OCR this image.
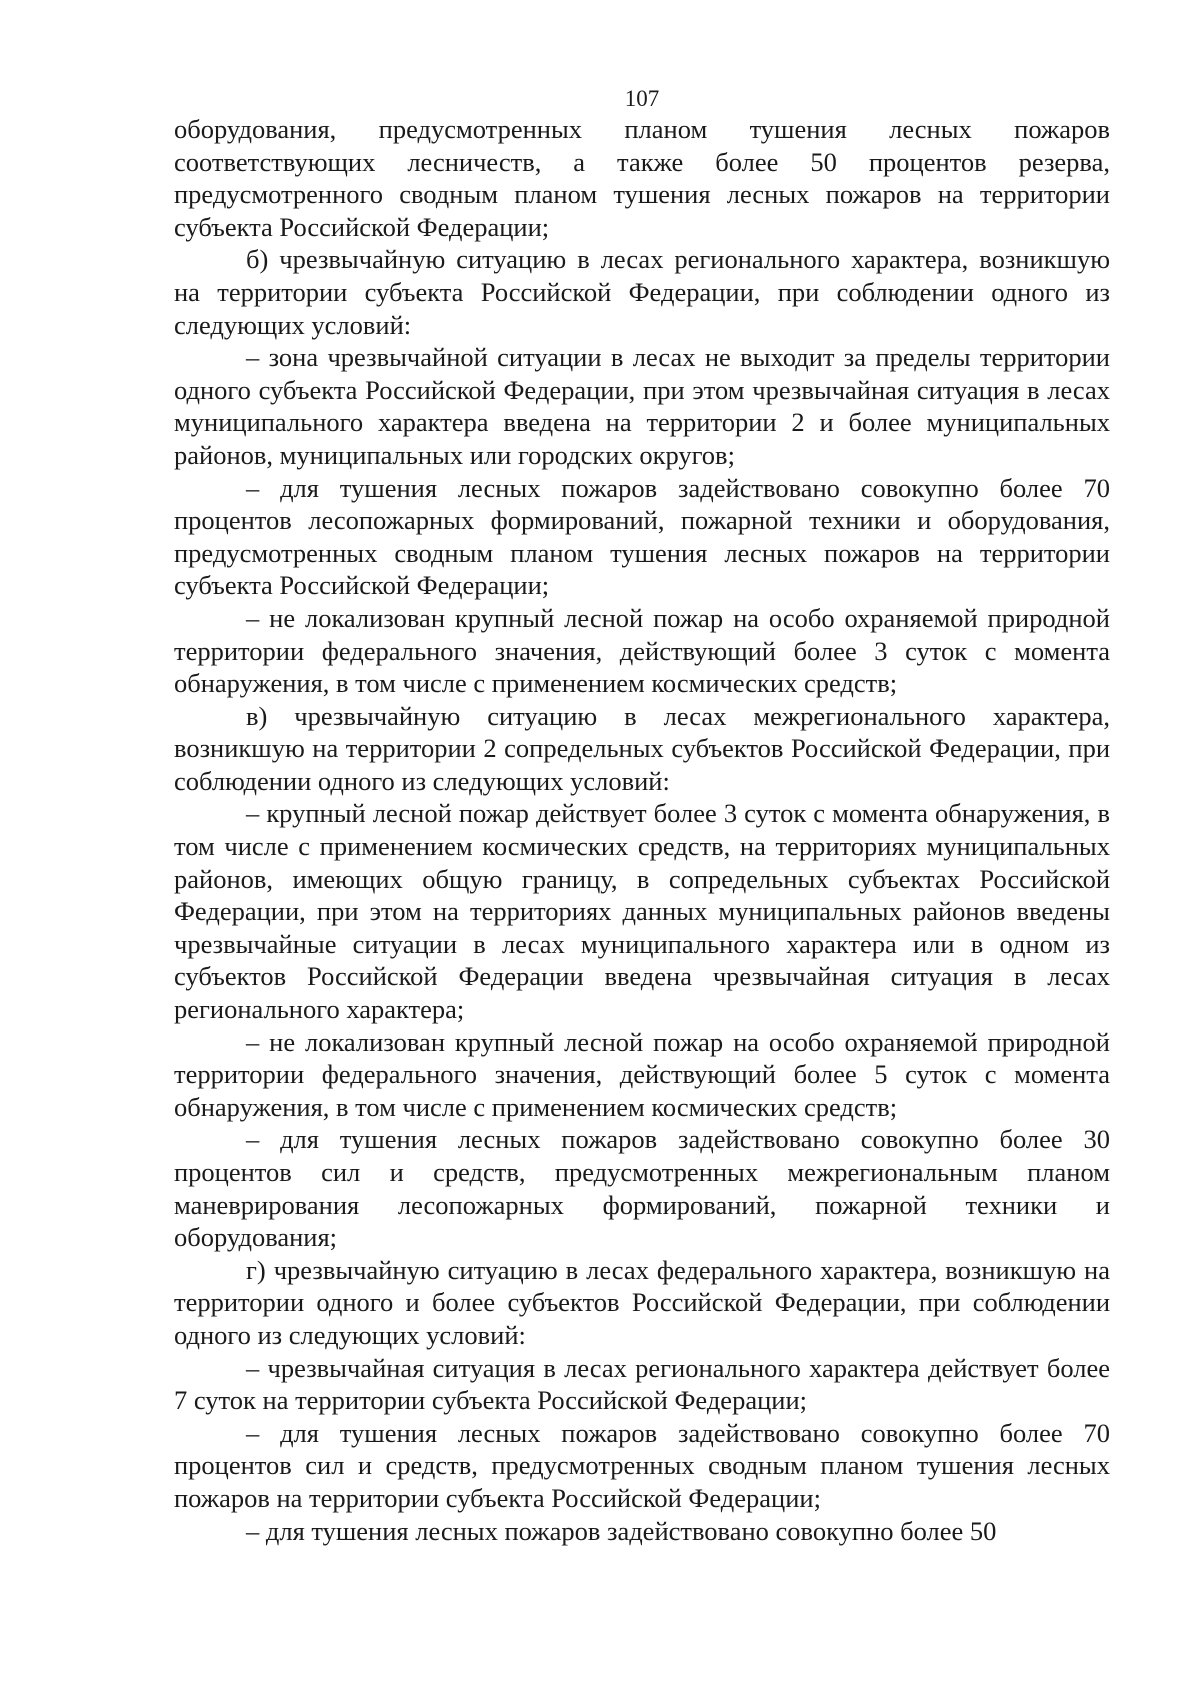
107

оборудования, предусмотренных планом тушения лесных пожаров соответствующих лесничеств, а также более 50 процентов резерва, предусмотренного сводным планом тушения лесных пожаров на территории субъекта Российской Федерации;

б) чрезвычайную ситуацию в лесах регионального характера, возникшую на территории субъекта Российской Федерации, при соблюдении одного из следующих условий:

– зона чрезвычайной ситуации в лесах не выходит за пределы территории одного субъекта Российской Федерации, при этом чрезвычайная ситуация в лесах муниципального характера введена на территории 2 и более муниципальных районов, муниципальных или городских округов;

– для тушения лесных пожаров задействовано совокупно более 70 процентов лесопожарных формирований, пожарной техники и оборудования, предусмотренных сводным планом тушения лесных пожаров на территории субъекта Российской Федерации;

– не локализован крупный лесной пожар на особо охраняемой природной территории федерального значения, действующий более 3 суток с момента обнаружения, в том числе с применением космических средств;

в) чрезвычайную ситуацию в лесах межрегионального характера, возникшую на территории 2 сопредельных субъектов Российской Федерации, при соблюдении одного из следующих условий:

– крупный лесной пожар действует более 3 суток с момента обнаружения, в том числе с применением космических средств, на территориях муниципальных районов, имеющих общую границу, в сопредельных субъектах Российской Федерации, при этом на территориях данных муниципальных районов введены чрезвычайные ситуации в лесах муниципального характера или в одном из субъектов Российской Федерации введена чрезвычайная ситуация в лесах регионального характера;

– не локализован крупный лесной пожар на особо охраняемой природной территории федерального значения, действующий более 5 суток с момента обнаружения, в том числе с применением космических средств;

– для тушения лесных пожаров задействовано совокупно более 30 процентов сил и средств, предусмотренных межрегиональным планом маневрирования лесопожарных формирований, пожарной техники и оборудования;

г) чрезвычайную ситуацию в лесах федерального характера, возникшую на территории одного и более субъектов Российской Федерации, при соблюдении одного из следующих условий:

– чрезвычайная ситуация в лесах регионального характера действует более 7 суток на территории субъекта Российской Федерации;

– для тушения лесных пожаров задействовано совокупно более 70 процентов сил и средств, предусмотренных сводным планом тушения лесных пожаров на территории субъекта Российской Федерации;

– для тушения лесных пожаров задействовано совокупно более 50
